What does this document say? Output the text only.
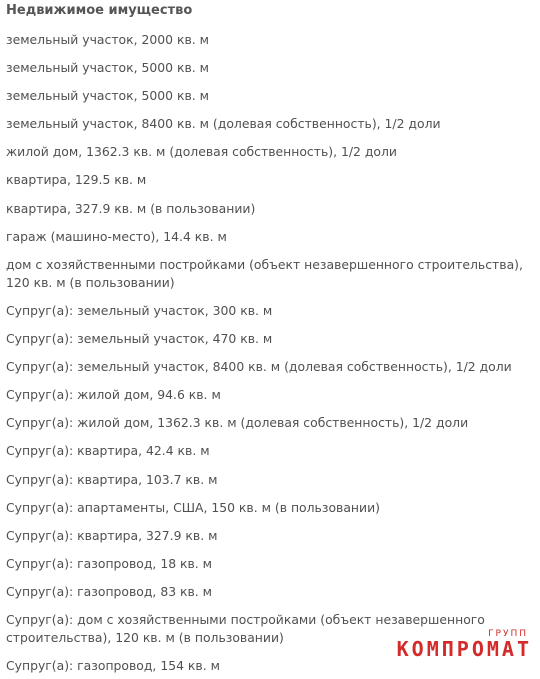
Недвижимое имущество
земельный участок, 2000 кв. м
земельный участок, 5000 кв. м
земельный участок, 5000 кв. м
земельный участок, 8400 кв. м (долевая собственность), 1/2 доли
жилой дом, 1362.3 кв. м (долевая собственность), 1/2 доли
квартира, 129.5 кв. м
квартира, 327.9 кв. м (в пользовании)
гараж (машино-место), 14.4 кв. м
дом с хозяйственными постройками (объект незавершенного строительства), 120 кв. м (в пользовании)
Супруг(а): земельный участок, 300 кв. м
Супруг(а): земельный участок, 470 кв. м
Супруг(а): земельный участок, 8400 кв. м (долевая собственность), 1/2 доли
Супруг(а): жилой дом, 94.6 кв. м
Супруг(а): жилой дом, 1362.3 кв. м (долевая собственность), 1/2 доли
Супруг(а): квартира, 42.4 кв. м
Супруг(а): квартира, 103.7 кв. м
Супруг(а): апартаменты, США, 150 кв. м (в пользовании)
Супруг(а): квартира, 327.9 кв. м
Супруг(а): газопровод, 18 кв. м
Супруг(а): газопровод, 83 кв. м
Супруг(а): дом с хозяйственными постройками (объект незавершенного строительства), 120 кв. м (в пользовании)
Супруг(а): газопровод, 154 кв. м
ГРУПП
КОМПРОМАТ
